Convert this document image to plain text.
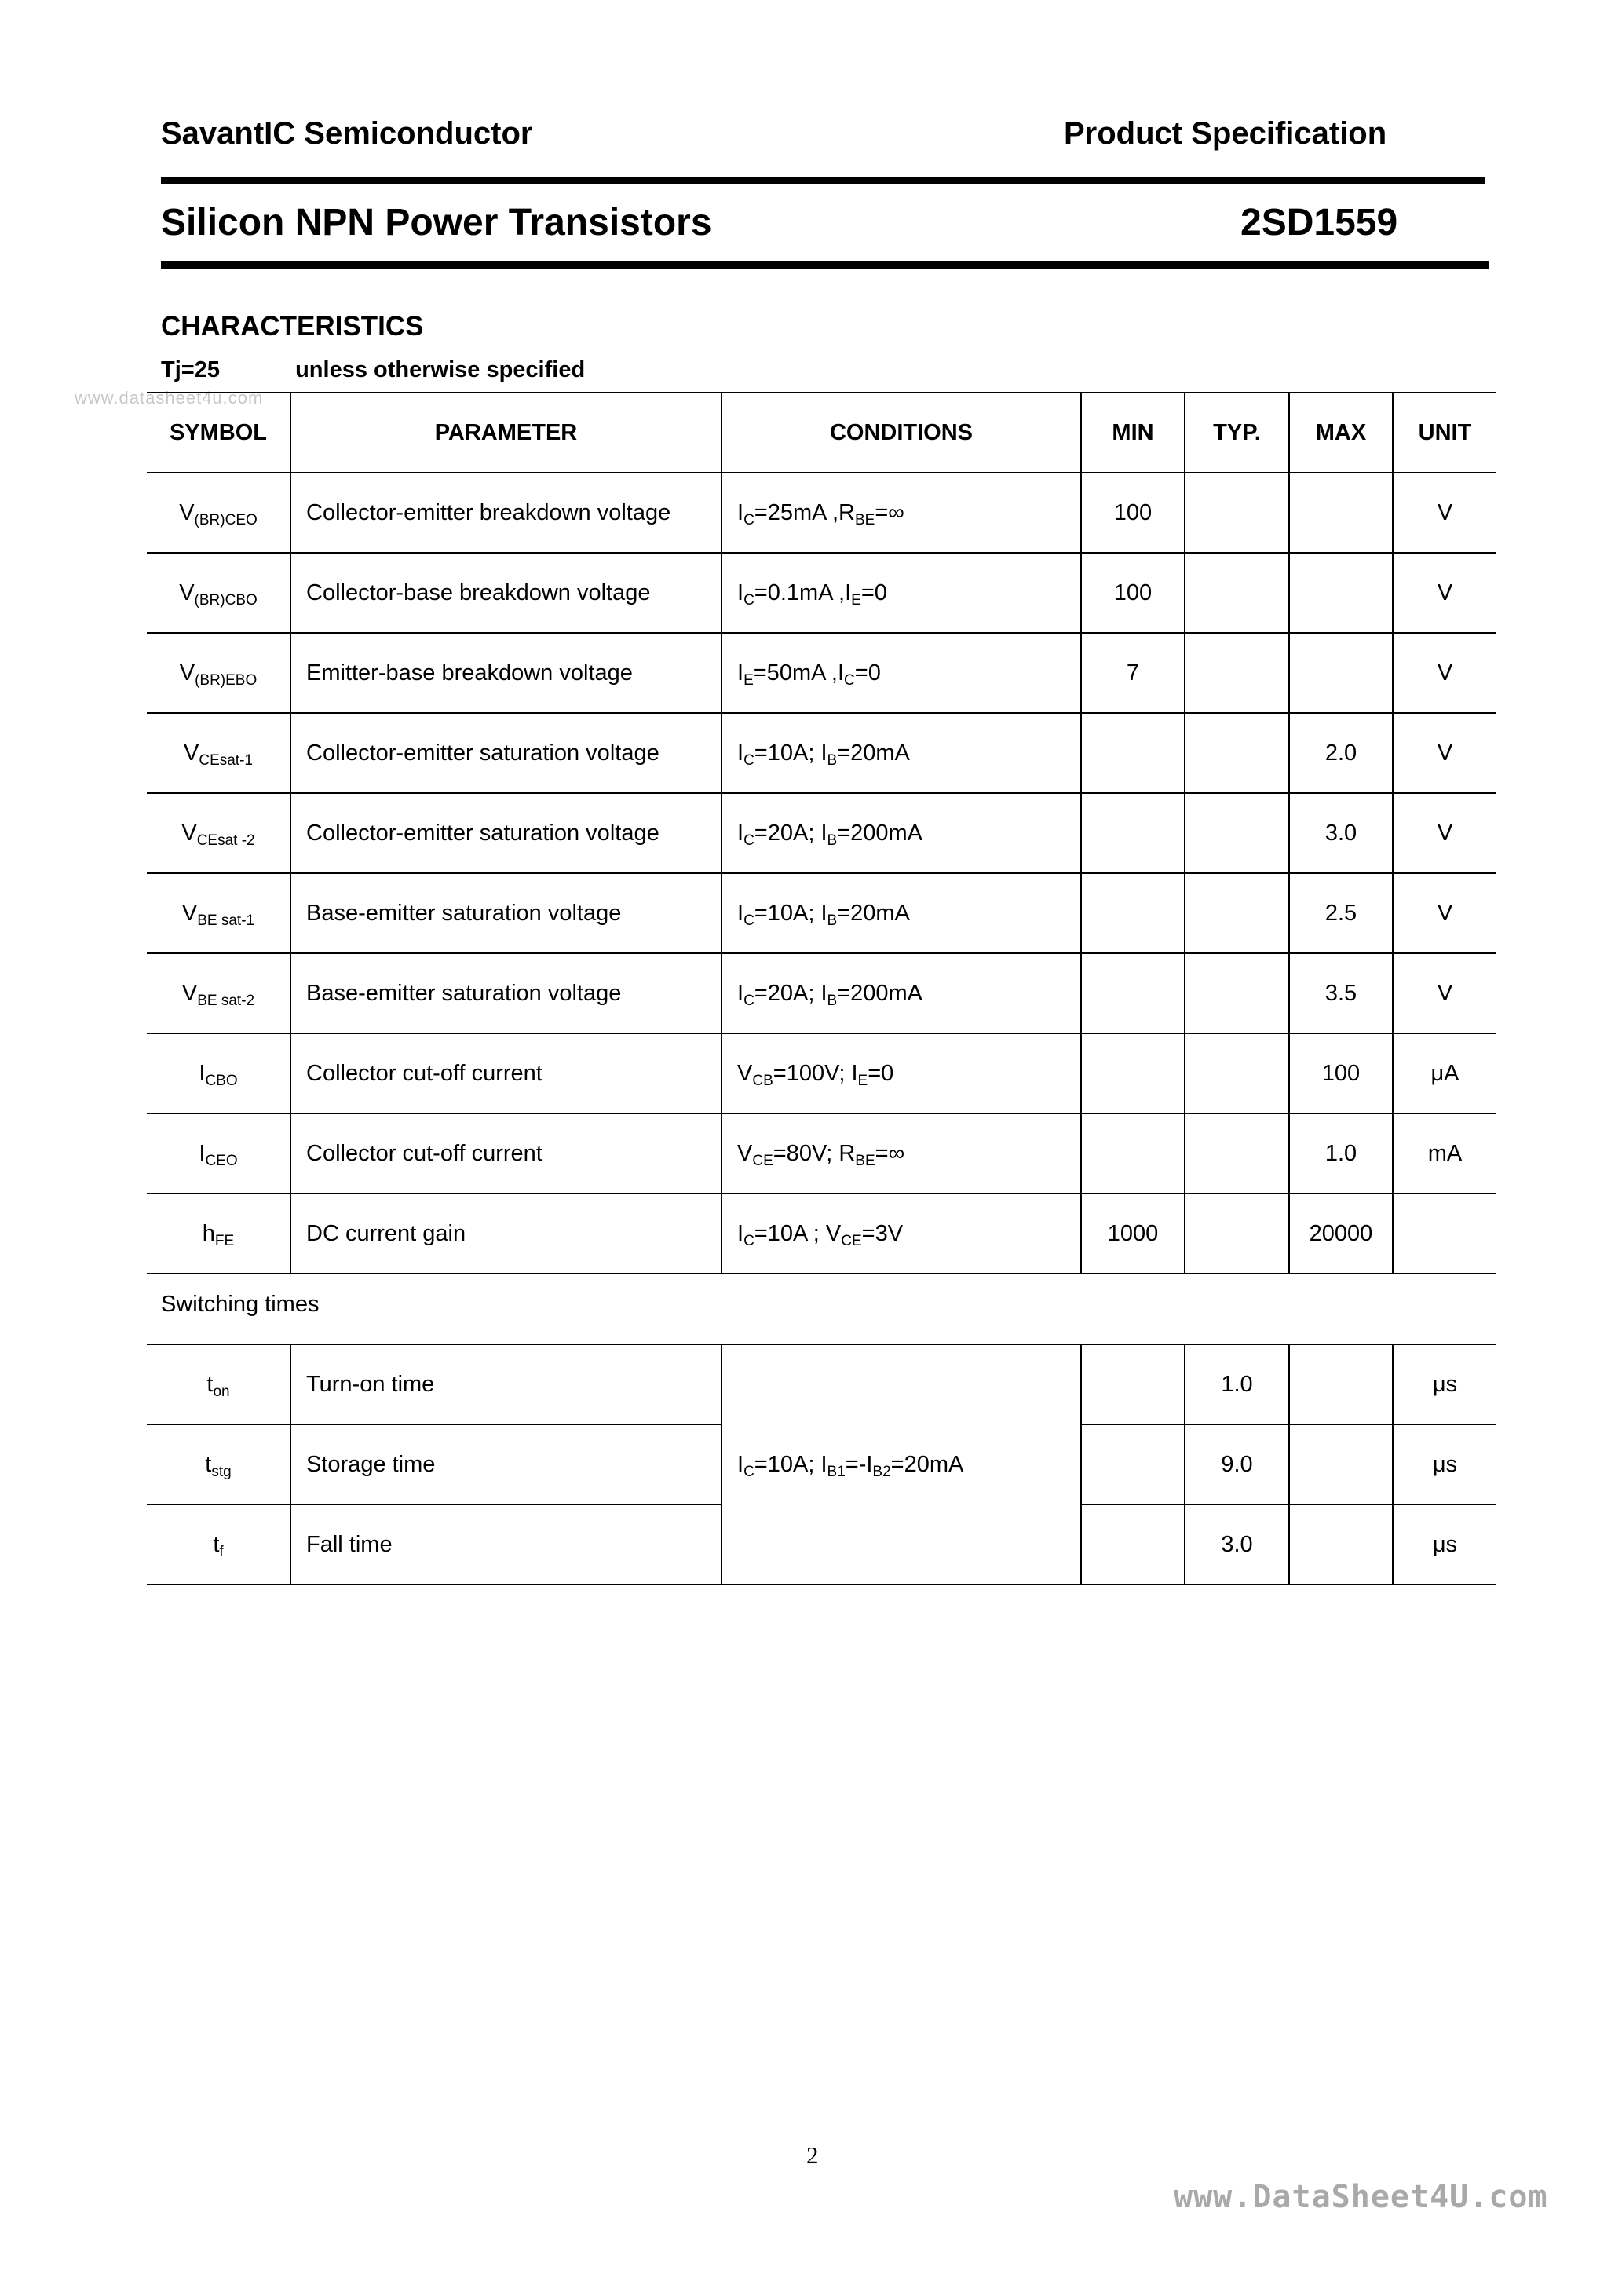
SavantIC Semiconductor	Product Specification
Silicon NPN Power Transistors	2SD1559
CHARACTERISTICS
Tj=25	unless otherwise specified
www.datasheet4u.com
SYMBOL	PARAMETER	CONDITIONS	MIN	TYP.	MAX	UNIT
$V_{(BR)CEO}$	Collector-emitter breakdown voltage	$I_C=25mA$ $,R_{BE}=\infty$	100			V
$V_{(BR)CBO}$	Collector-base breakdown voltage	$I_C=0.1mA$ $,I_E=0$	100			V
$V_{(BR)EBO}$	Emitter-base breakdown voltage	$I_E=50mA$ $,I_C=0$	7			V
$V_{CEsat-1}$	Collector-emitter saturation voltage	$I_C=10A$; $I_B=20mA$			2.0	V
$V_{CEsat -2}$	Collector-emitter saturation voltage	$I_C=20A$; $I_B=200mA$			3.0	V
$V_{BE sat-1}$	Base-emitter saturation voltage	$I_C=10A$; $I_B=20mA$			2.5	V
$V_{BE sat-2}$	Base-emitter saturation voltage	$I_C=20A$; $I_B=200mA$			3.5	V
$I_{CBO}$	Collector cut-off current	$V_{CB}=100V$; $I_E=0$			100	μA
$I_{CEO}$	Collector cut-off current	$V_{CE}=80V$; $R_{BE}=\infty$			1.0	mA
$h_{FE}$	DC current gain	$I_C=10A$ ; $V_{CE}=3V$	1000		20000	
Switching times
$t_{on}$	Turn-on time	$I_C=10A$; $I_{B1}=-I_{B2}=20mA$		1.0		μs
$t_{stg}$	Storage time			9.0		μs
$t_f$	Fall time			3.0		μs
2
www.DataSheet4U.com
